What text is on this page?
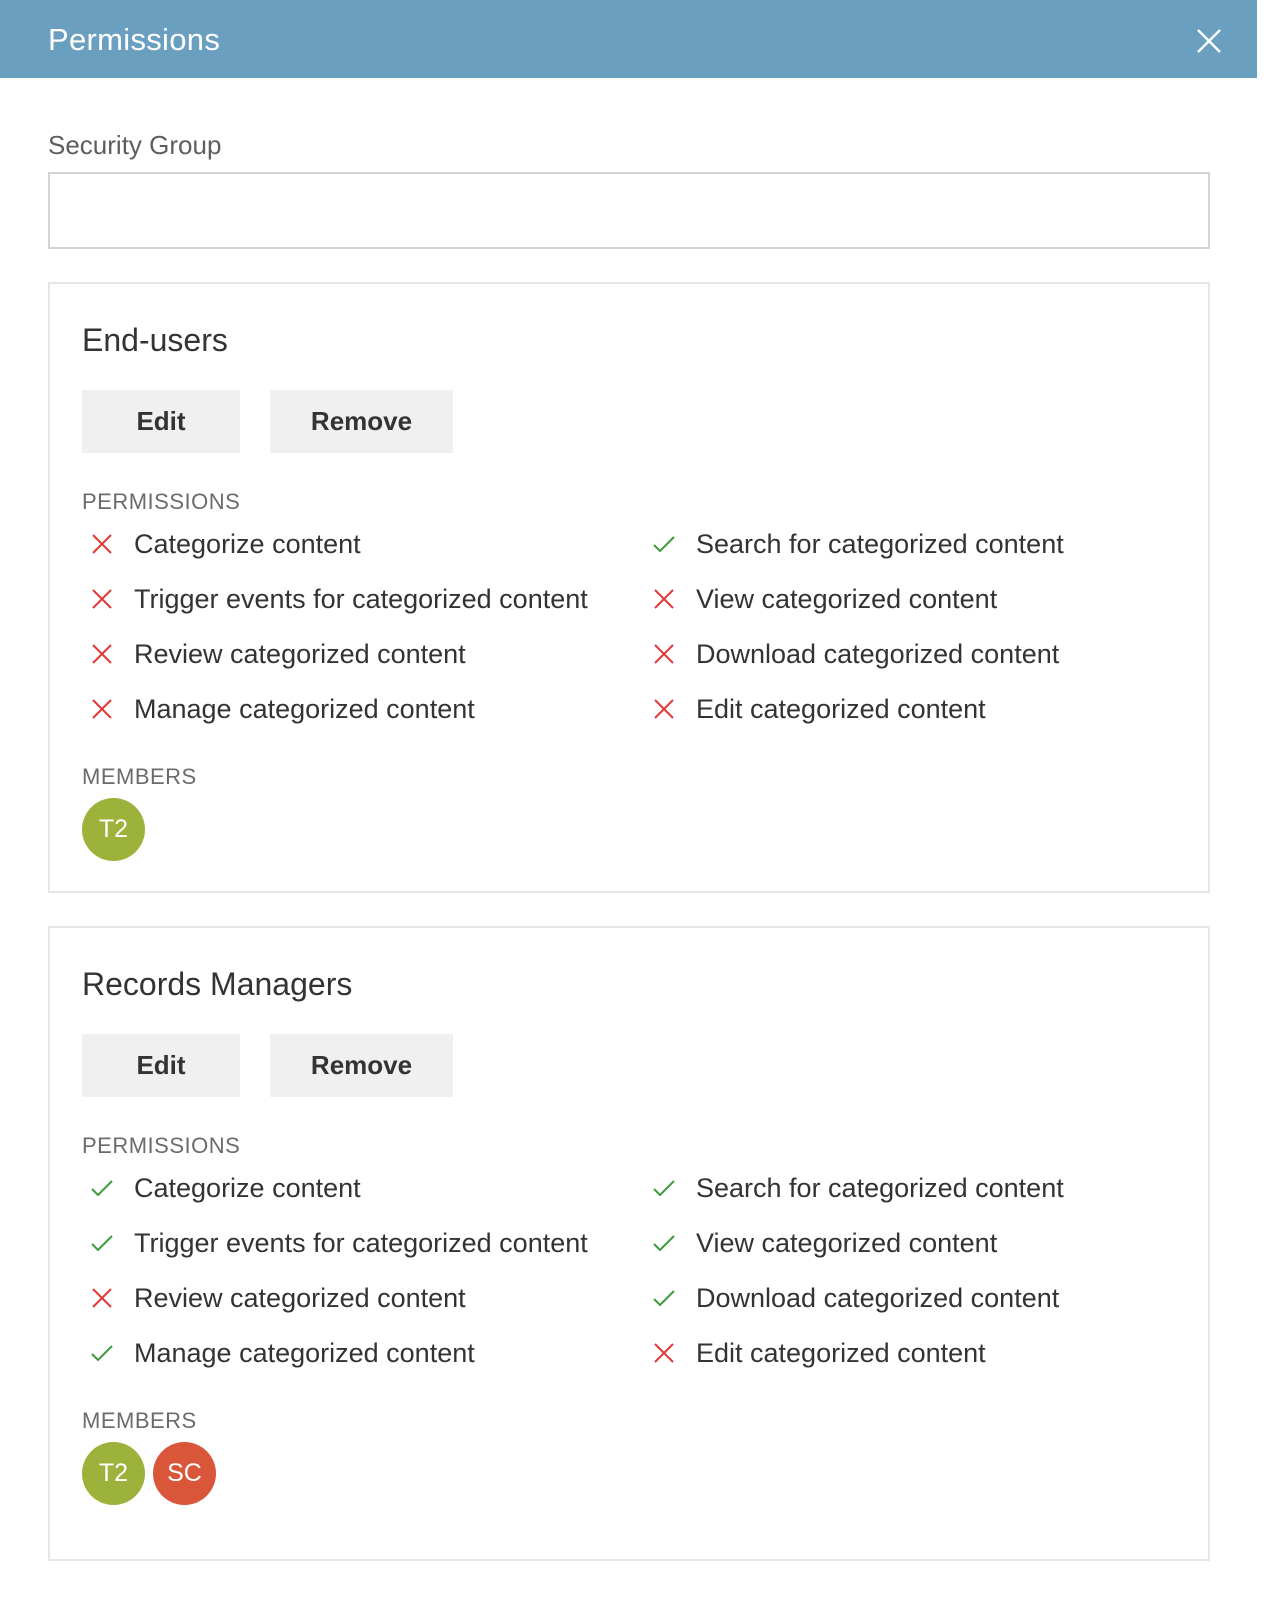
Permissions
Security Group
End-users
Edit	Remove
PERMISSIONS
MEMBERS
Categorize content	Search for categorized content
Trigger events for categorized content	View categorized content
Review categorized content	Download categorized content
Manage categorized content	Edit categorized content
T2
Records Managers
Edit	Remove
PERMISSIONS
MEMBERS
Categorize content	Search for categorized content
Trigger events for categorized content	View categorized content
Review categorized content	Download categorized content
Manage categorized content	Edit categorized content
T2	SC
